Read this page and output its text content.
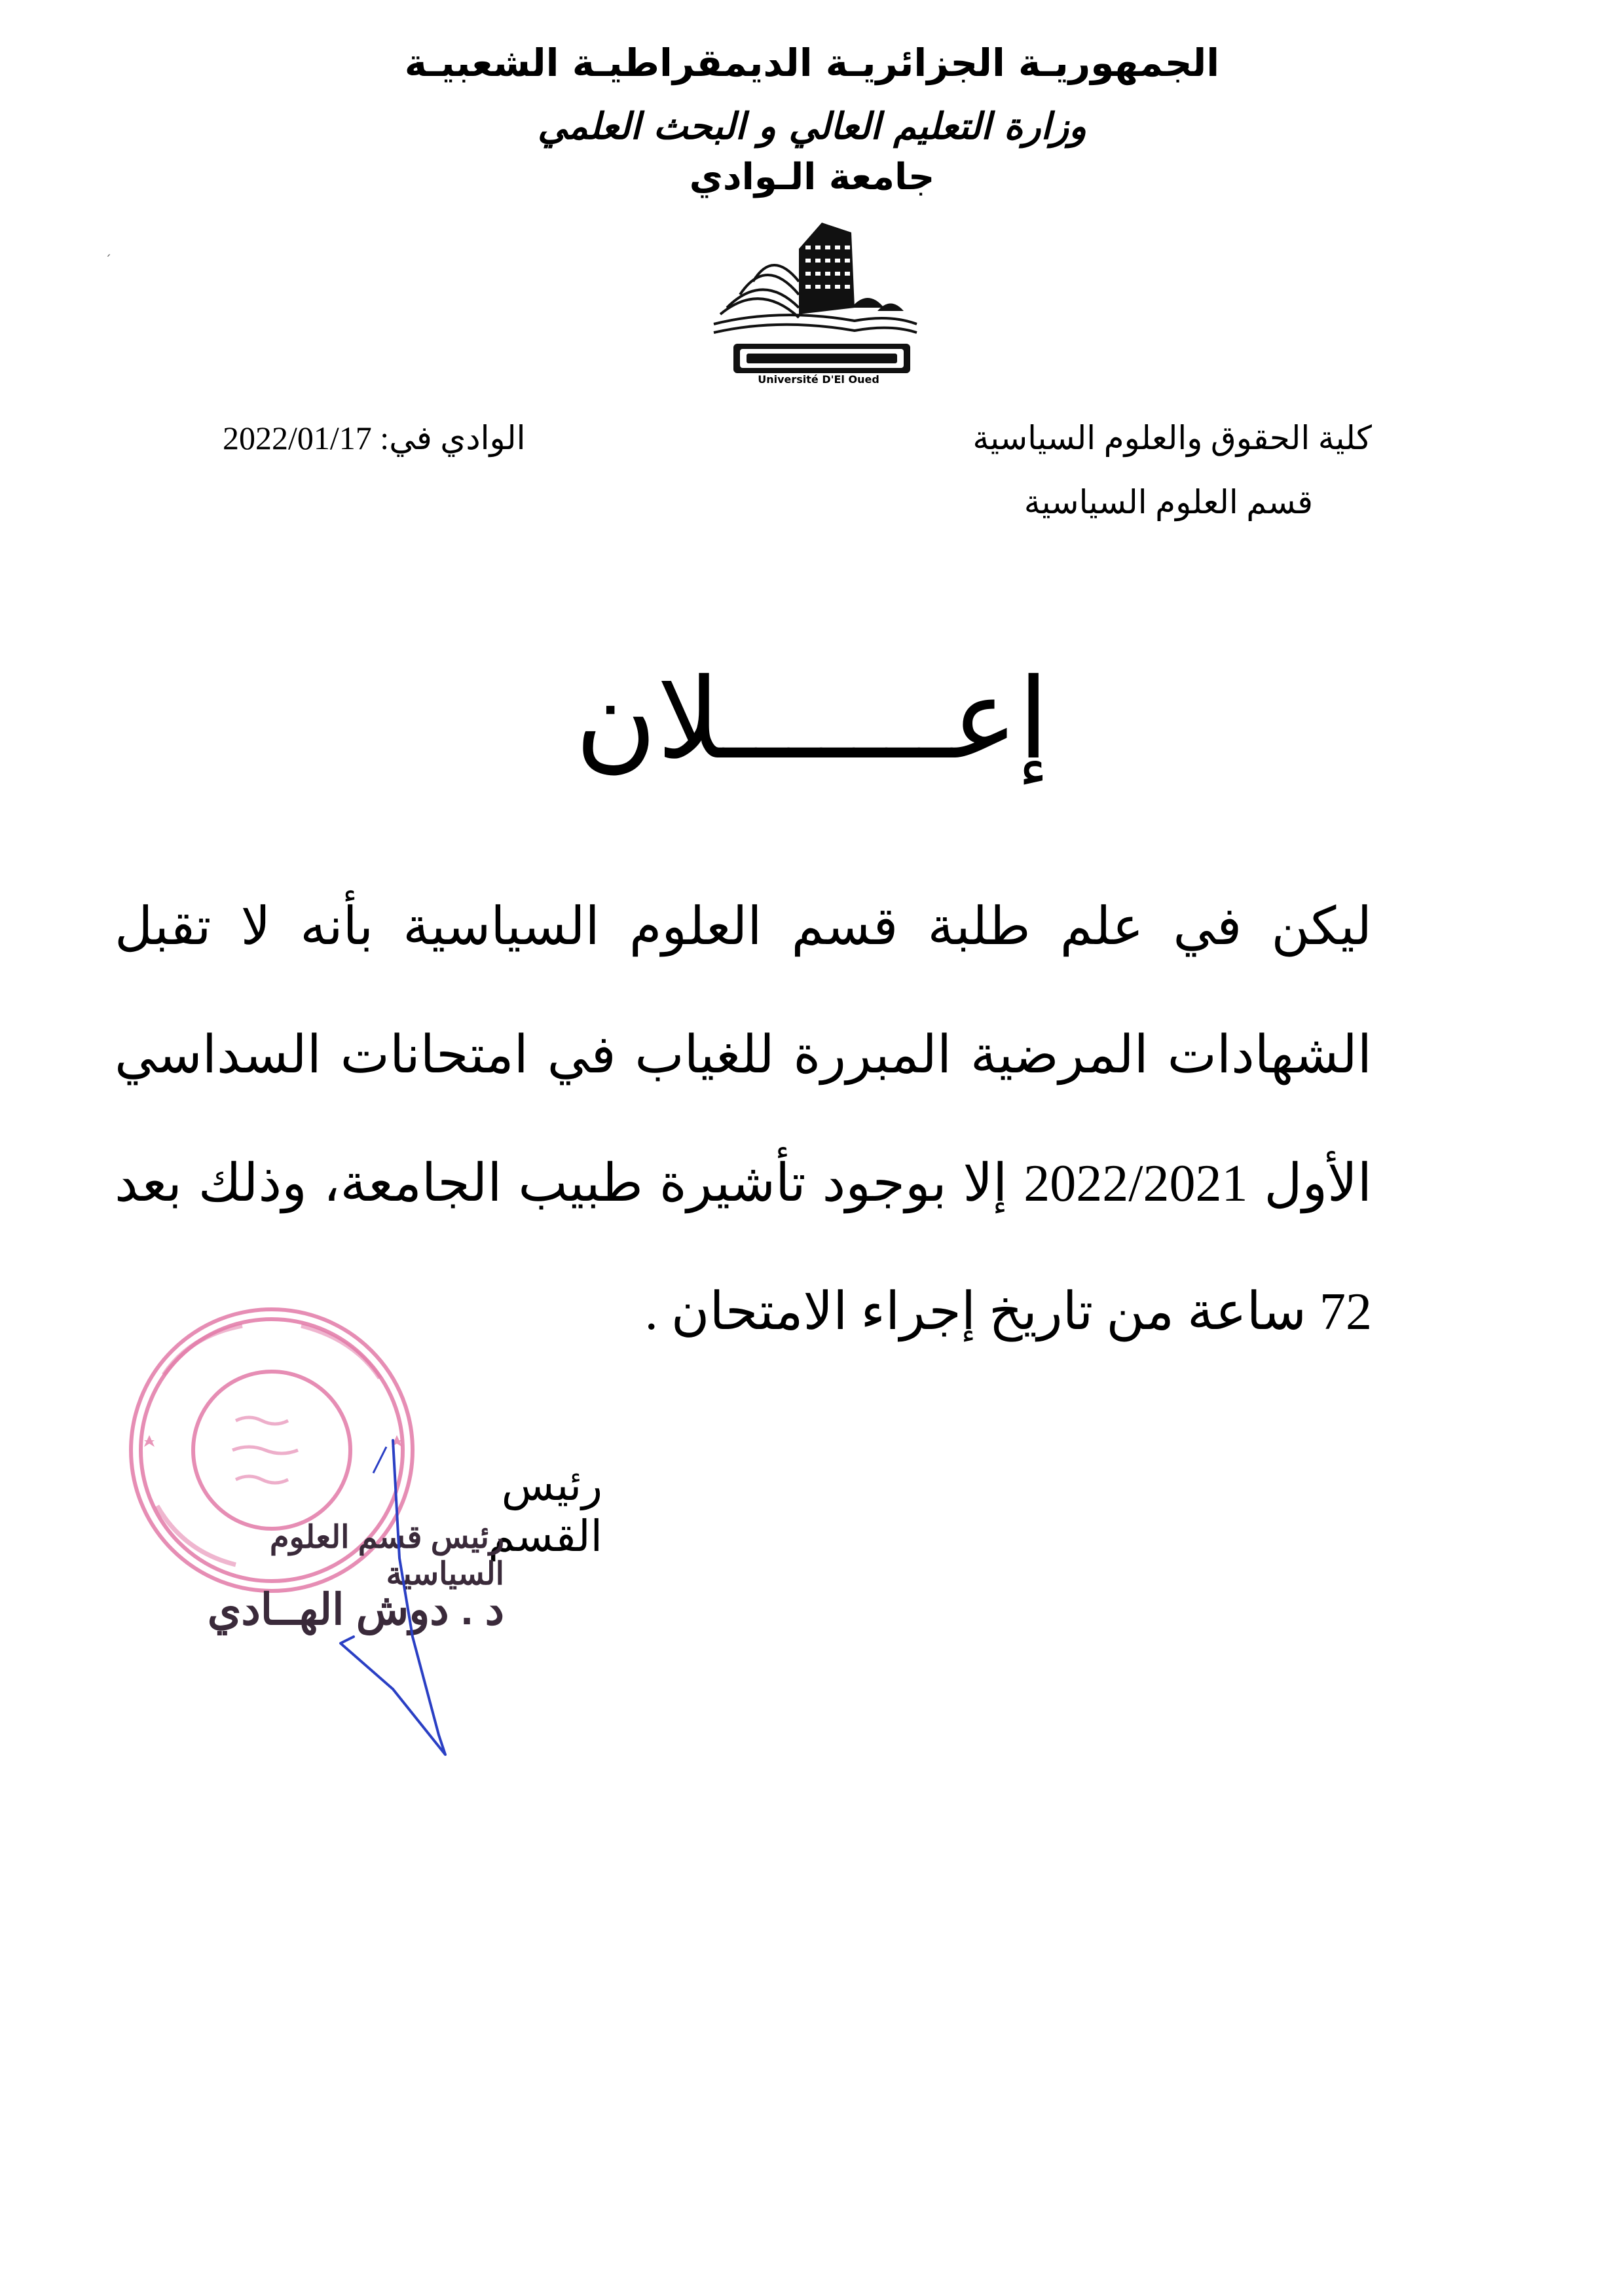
الجمهوريـة الجزائريـة الديمقراطيـة الشعبيـة
وزارة التعليم العالي و البحث العلمي
جامعة الـوادي
Université D'El Oued
كلية الحقوق والعلوم السياسية
قسم العلوم السياسية
الوادي في: 2022/01/17
إعـــــــلان
ليكن في علم طلبة قسم العلوم السياسية بأنه لا تقبل الشهادات المرضية المبررة للغياب في امتحانات السداسي الأول 2022/2021 إلا بوجود تأشيرة طبيب الجامعة، وذلك بعد 72 ساعة من تاريخ إجراء الامتحان .
رئيس القسم
رئيس قسم العلوم السياسية
د . دوش الهــادي
´
